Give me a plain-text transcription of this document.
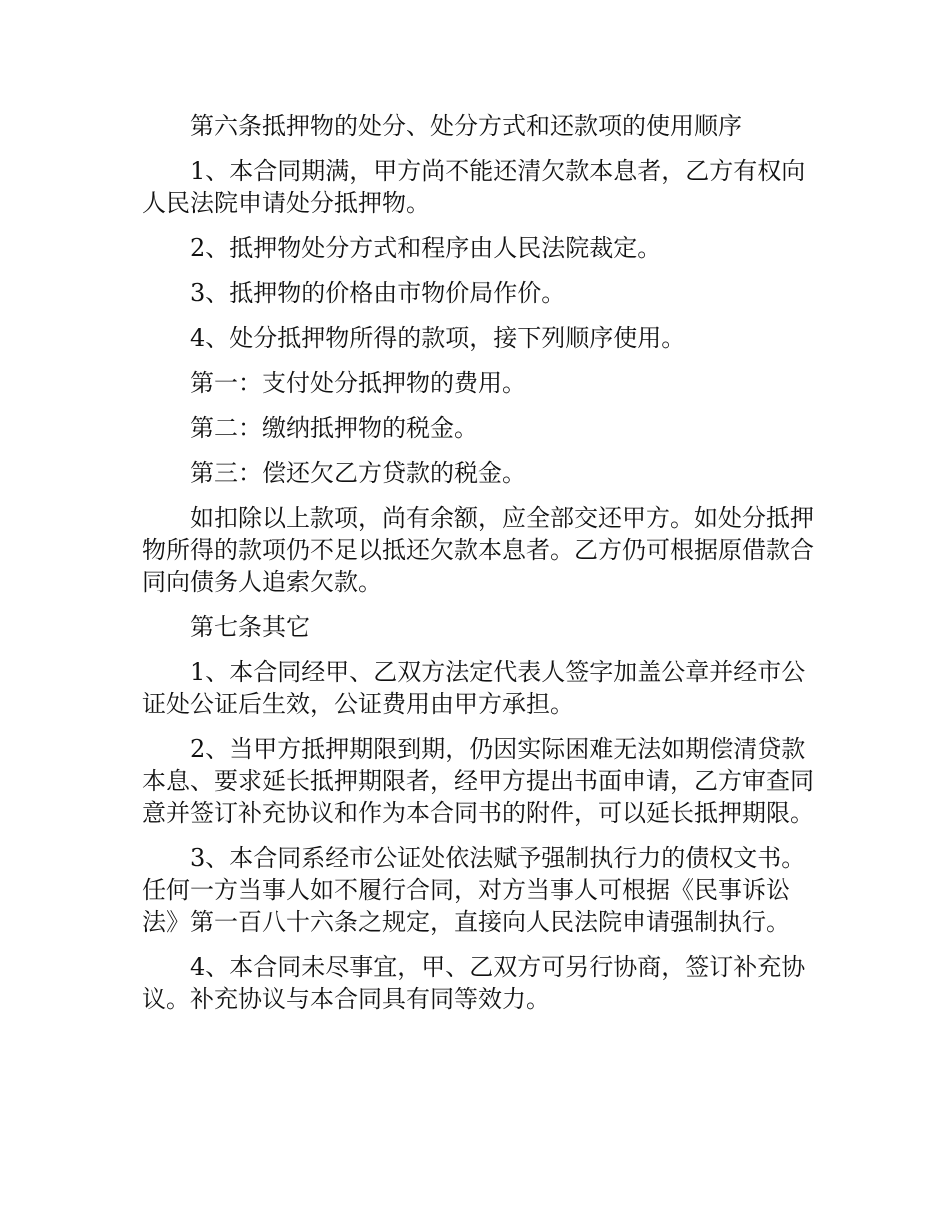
第六条抵押物的处分、处分方式和还款项的使用顺序

1、本合同期满，甲方尚不能还清欠款本息者，乙方有权向人民法院申请处分抵押物。

2、抵押物处分方式和程序由人民法院裁定。

3、抵押物的价格由市物价局作价。

4、处分抵押物所得的款项，接下列顺序使用。

第一：支付处分抵押物的费用。

第二：缴纳抵押物的税金。

第三：偿还欠乙方贷款的税金。

如扣除以上款项，尚有余额，应全部交还甲方。如处分抵押物所得的款项仍不足以抵还欠款本息者。乙方仍可根据原借款合同向债务人追索欠款。

第七条其它

1、本合同经甲、乙双方法定代表人签字加盖公章并经市公证处公证后生效，公证费用由甲方承担。

2、当甲方抵押期限到期，仍因实际困难无法如期偿清贷款本息、要求延长抵押期限者，经甲方提出书面申请，乙方审查同意并签订补充协议和作为本合同书的附件，可以延长抵押期限。

3、本合同系经市公证处依法赋予强制执行力的债权文书。任何一方当事人如不履行合同，对方当事人可根据《民事诉讼法》第一百八十六条之规定，直接向人民法院申请强制执行。

4、本合同未尽事宜，甲、乙双方可另行协商，签订补充协议。补充协议与本合同具有同等效力。
